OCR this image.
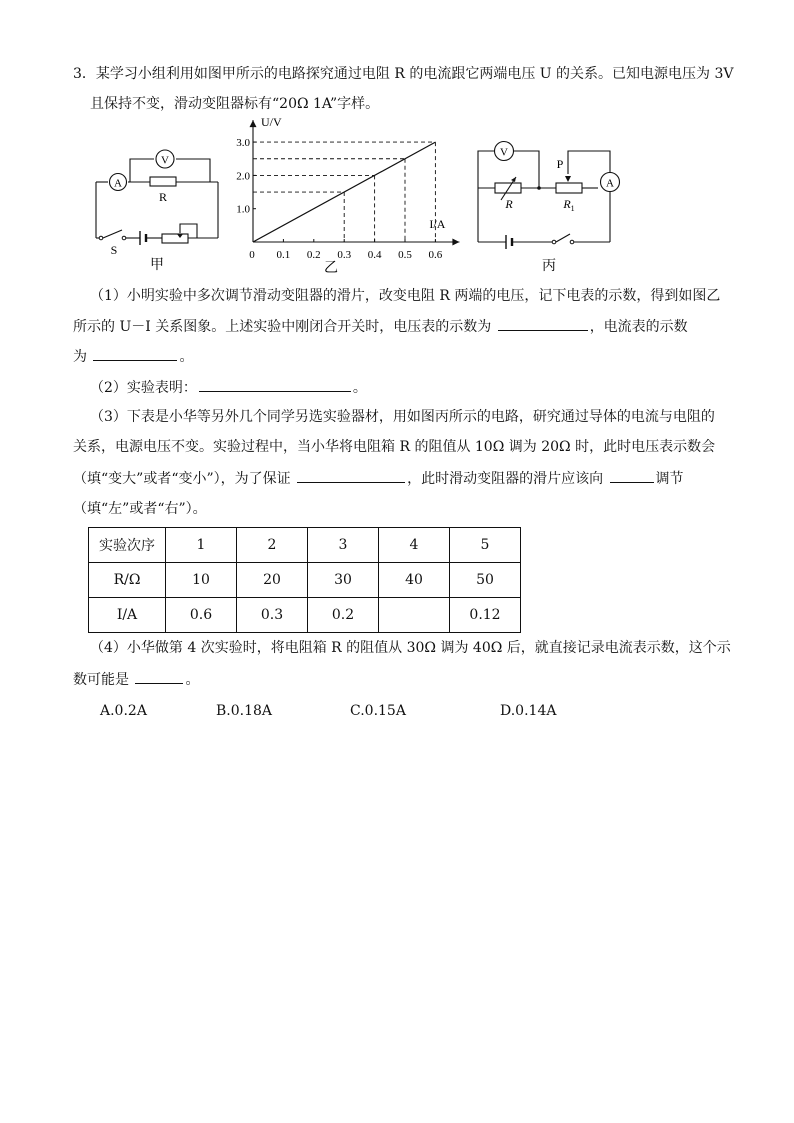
3．某学习小组利用如图甲所示的电路探究通过电阻 R 的电流跟它两端电压 U 的关系。已知电源电压为 3V
且保持不变，滑动变阻器标有“20Ω 1A”字样。
A
V
R
S
甲
U/V
I/A
0 0.1 0.2 0.3 0.4 0.5 0.6
1.0
2.0
3.0
乙
V
A
P
R	$R_1$
丙
（1）小明实验中多次调节滑动变阻器的滑片，改变电阻 R 两端的电压，记下电表的示数，得到如图乙
所示的 U－I 关系图象。上述实验中刚闭合开关时，电压表的示数为	，电流表的示数
为	。
（2）实验表明：	。
（3）下表是小华等另外几个同学另选实验器材，用如图丙所示的电路，研究通过导体的电流与电阻的
关系，电源电压不变。实验过程中，当小华将电阻箱 R 的阻值从 10Ω 调为 20Ω 时，此时电压表示数会
（填“变大”或者“变小”），为了保证	，此时滑动变阻器的滑片应该向	调节
（填“左”或者“右”）。
实验次序	1	2	3	4	5
R/Ω	10	20	30	40	50
I/A	0.6	0.3	0.2		0.12
（4）小华做第 4 次实验时，将电阻箱 R 的阻值从 30Ω 调为 40Ω 后，就直接记录电流表示数，这个示
数可能是	。
A.0.2A	B.0.18A	C.0.15A	D.0.14A
